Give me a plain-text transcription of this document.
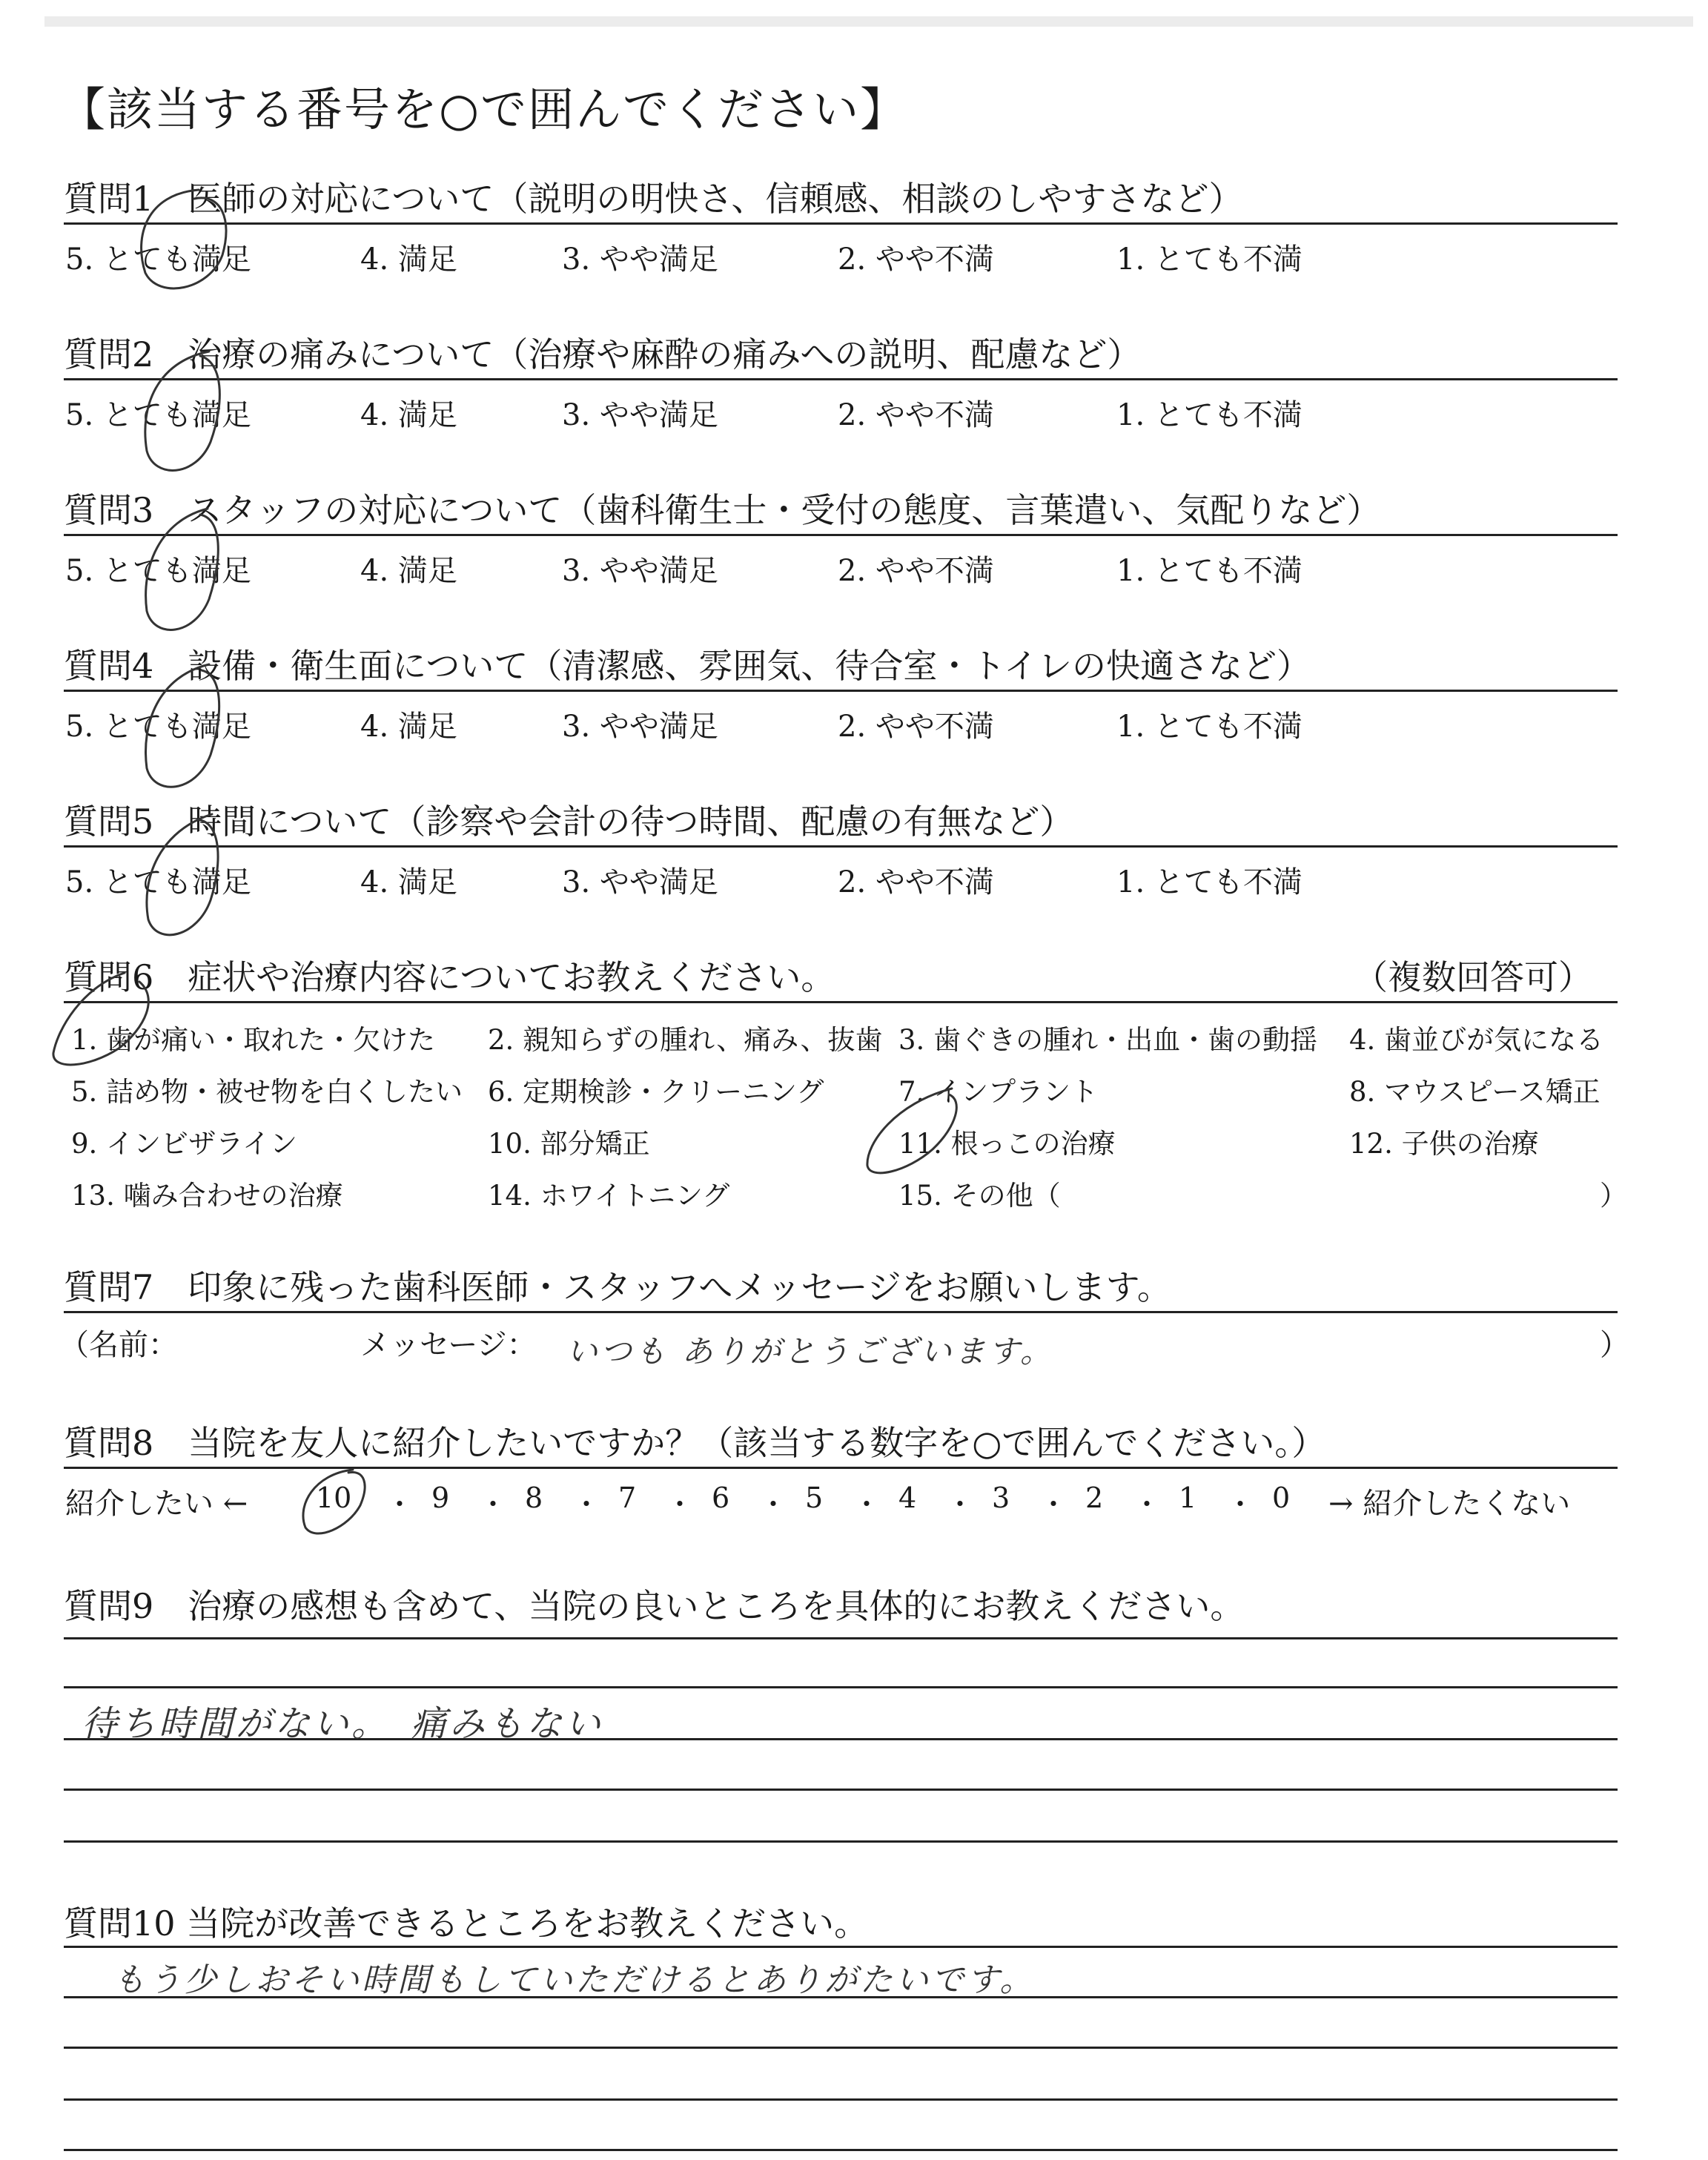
【該当する番号を○で囲んでください】
質問1　医師の対応について（説明の明快さ、信頼感、相談のしやすさなど）
5. とても満足	4. 満足	3. やや満足	2. やや不満	1. とても不満
質問2　治療の痛みについて（治療や麻酔の痛みへの説明、配慮など）
5. とても満足	4. 満足	3. やや満足	2. やや不満	1. とても不満
質問3　スタッフの対応について（歯科衛生士・受付の態度、言葉遣い、気配りなど）
5. とても満足	4. 満足	3. やや満足	2. やや不満	1. とても不満
質問4　設備・衛生面について（清潔感、雰囲気、待合室・トイレの快適さなど）
5. とても満足	4. 満足	3. やや満足	2. やや不満	1. とても不満
質問5　時間について（診察や会計の待つ時間、配慮の有無など）
5. とても満足	4. 満足	3. やや満足	2. やや不満	1. とても不満
質問6　症状や治療内容についてお教えください。	（複数回答可）
1. 歯が痛い・取れた・欠けた 2. 親知らずの腫れ、痛み、抜歯 3. 歯ぐきの腫れ・出血・歯の動揺 4. 歯並びが気になる
5. 詰め物・被せ物を白くしたい 6. 定期検診・クリーニング	7. インプラント	8. マウスピース矯正
9. インビザライン	10. 部分矯正	11. 根っこの治療	12. 子供の治療
13. 噛み合わせの治療	14. ホワイトニング	15. その他（	）
質問7　印象に残った歯科医師・スタッフへメッセージをお願いします。
（名前：	メッセージ： いつも ありがとうございます。	）
質問8　当院を友人に紹介したいですか？（該当する数字を○で囲んでください。）
紹介したい ←	→ 紹介したくない
10 ・ 9 ・ 8 ・ 7 ・ 6 ・ 5 ・ 4 ・ 3 ・ 2 ・ 1 ・ 0
質問9　治療の感想も含めて、当院の良いところを具体的にお教えください。
待ち時間がない。　痛みもない
質問10 当院が改善できるところをお教えください。
もう少しおそい時間もしていただけるとありがたいです。
